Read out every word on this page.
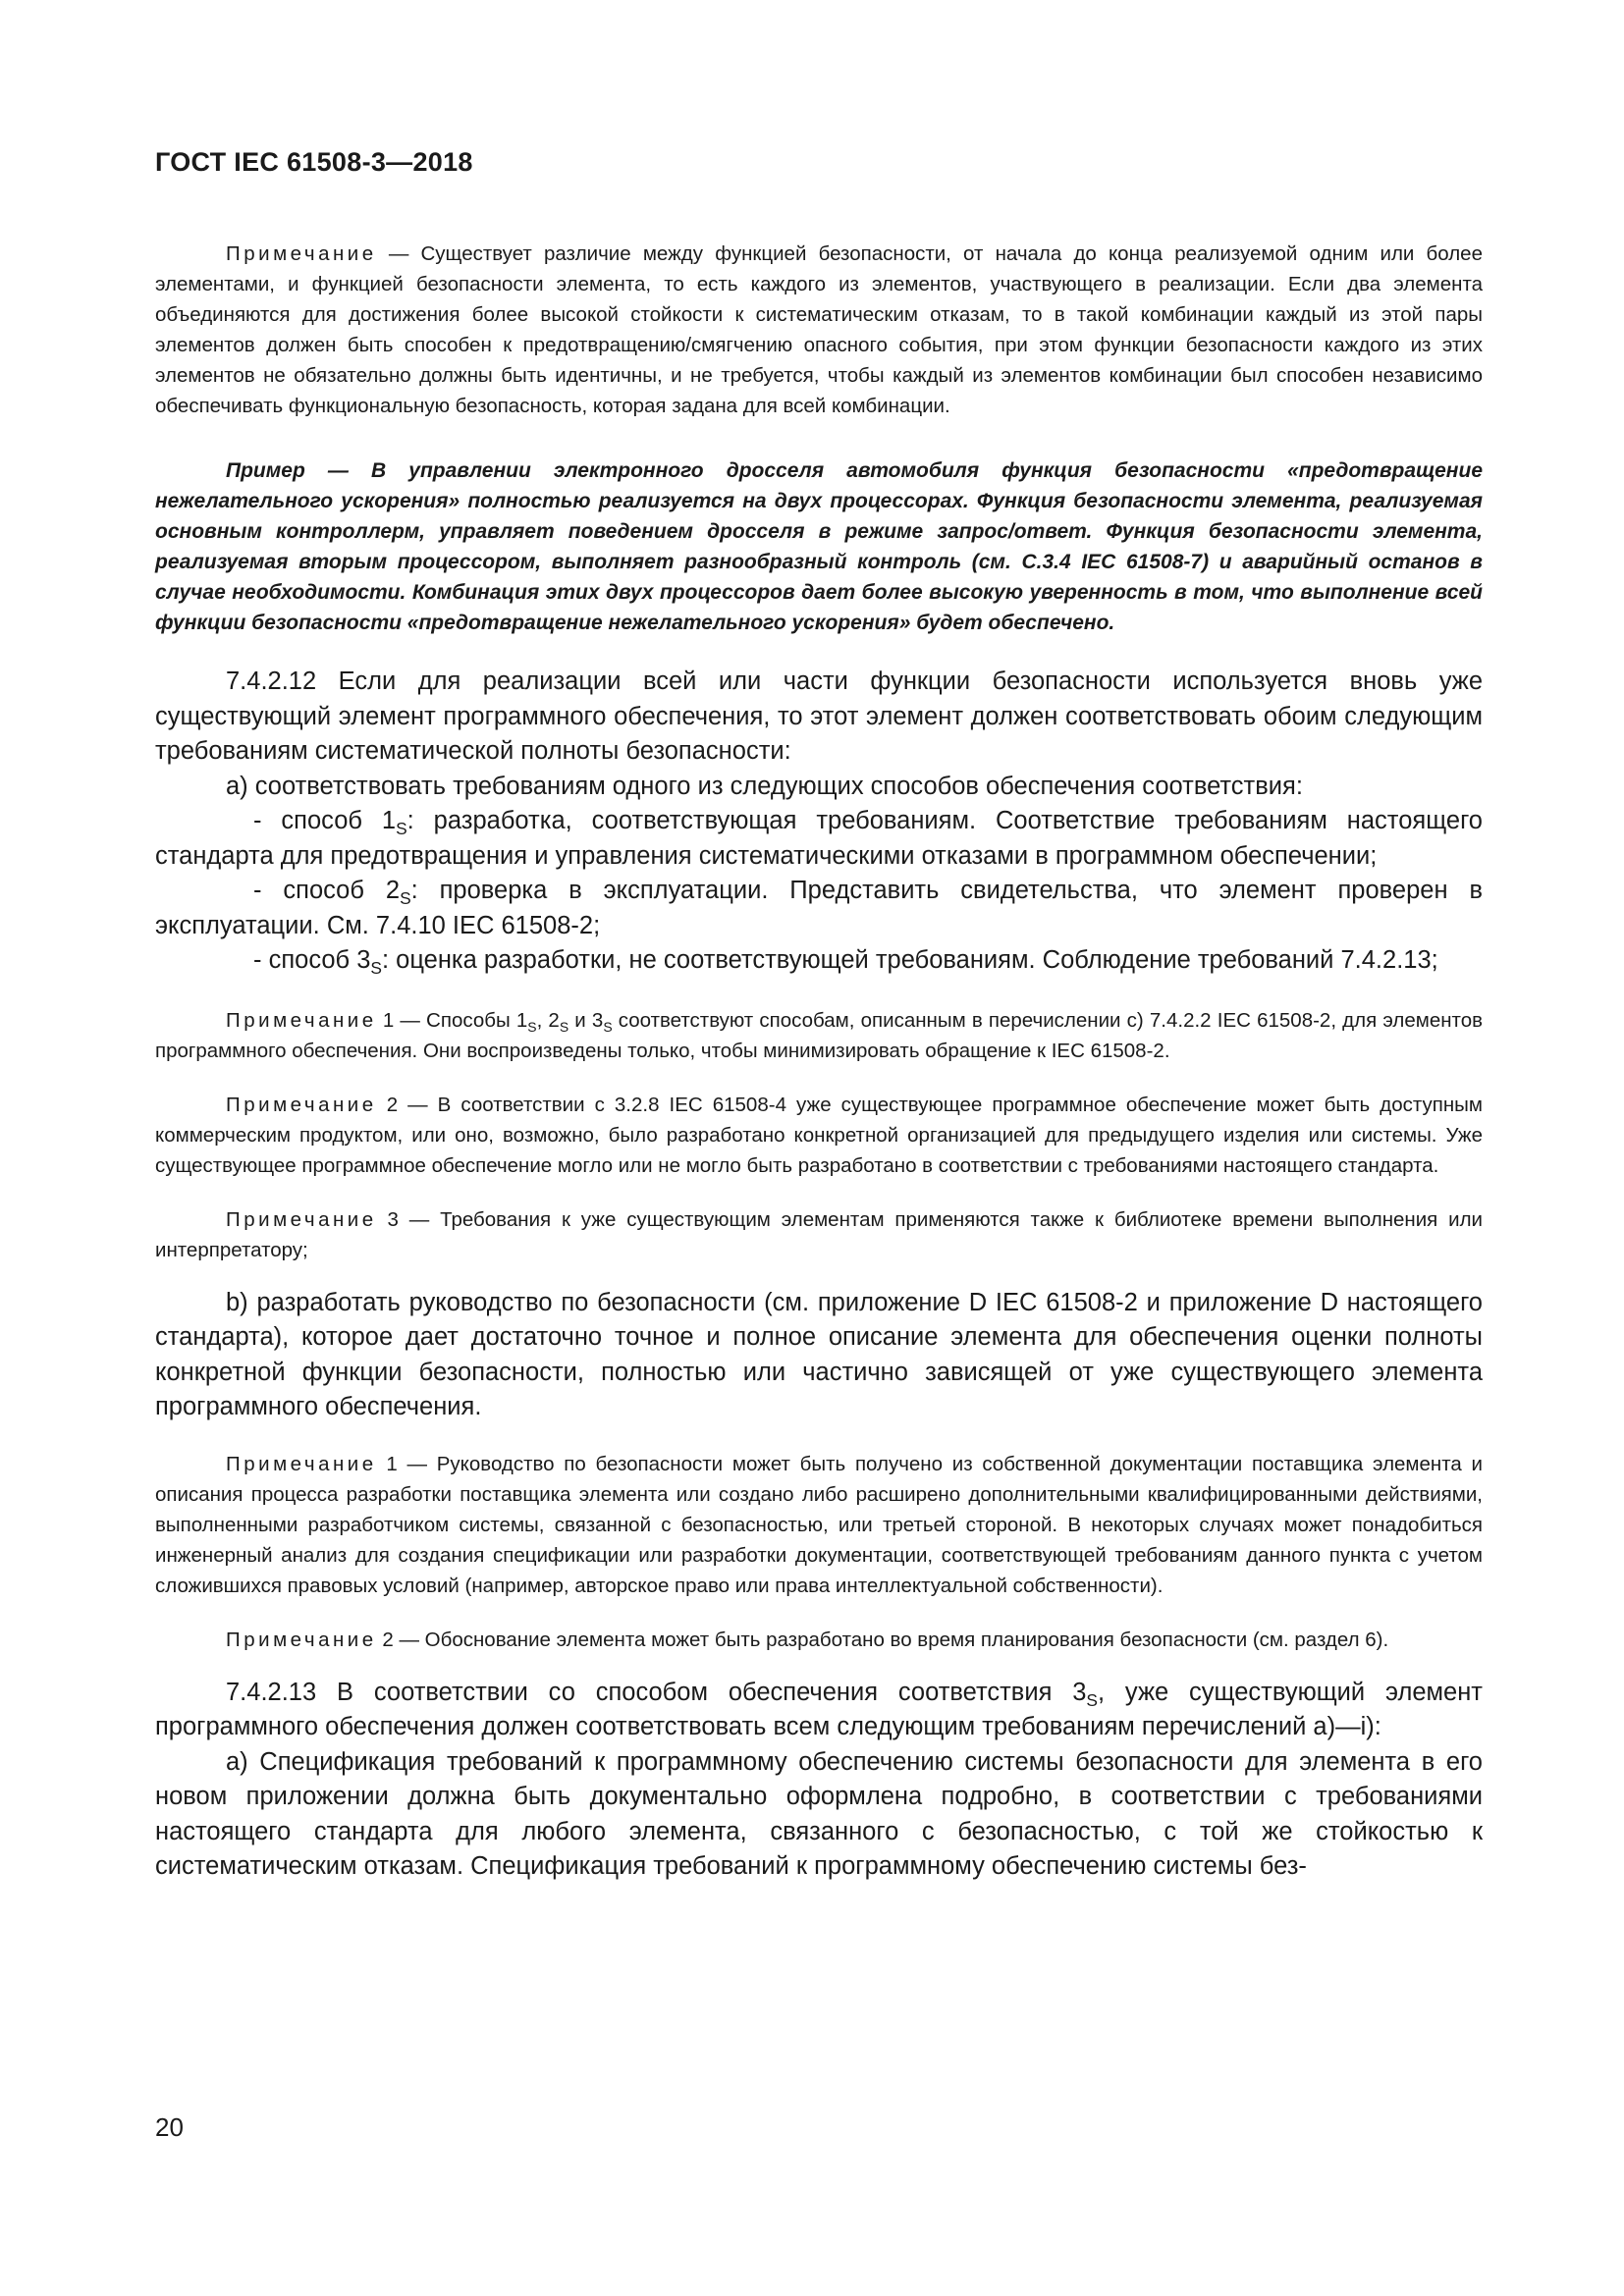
ГОСТ IEC 61508-3—2018

Примечание — Существует различие между функцией безопасности, от начала до конца реализуемой одним или более элементами, и функцией безопасности элемента, то есть каждого из элементов, участвующего в реализации. Если два элемента объединяются для достижения более высокой стойкости к систематическим отказам, то в такой комбинации каждый из этой пары элементов должен быть способен к предотвращению/смягчению опасного события, при этом функции безопасности каждого из этих элементов не обязательно должны быть идентичны, и не требуется, чтобы каждый из элементов комбинации был способен независимо обеспечивать функциональную безопасность, которая задана для всей комбинации.

Пример — В управлении электронного дросселя автомобиля функция безопасности «предотвращение нежелательного ускорения» полностью реализуется на двух процессорах. Функция безопасности элемента, реализуемая основным контроллерм, управляет поведением дросселя в режиме запрос/ответ. Функция безопасности элемента, реализуемая вторым процессором, выполняет разнообразный контроль (см. С.3.4 IEC 61508-7) и аварийный останов в случае необходимости. Комбинация этих двух процессоров дает более высокую уверенность в том, что выполнение всей функции безопасности «предотвращение нежелательного ускорения» будет обеспечено.

7.4.2.12 Если для реализации всей или части функции безопасности используется вновь уже существующий элемент программного обеспечения, то этот элемент должен соответствовать обоим следующим требованиям систематической полноты безопасности:

a) соответствовать требованиям одного из следующих способов обеспечения соответствия:

- способ $1_S$: разработка, соответствующая требованиям. Соответствие требованиям настоящего стандарта для предотвращения и управления систематическими отказами в программном обеспечении;

- способ $2_S$: проверка в эксплуатации. Представить свидетельства, что элемент проверен в эксплуатации. См. 7.4.10 IEC 61508-2;

- способ $3_S$: оценка разработки, не соответствующей требованиям. Соблюдение требований 7.4.2.13;

Примечание 1 — Способы $1_S$, $2_S$ и $3_S$ соответствуют способам, описанным в перечислении с) 7.4.2.2 IEC 61508-2, для элементов программного обеспечения. Они воспроизведены только, чтобы минимизировать обращение к IEC 61508-2.

Примечание 2 — В соответствии с 3.2.8 IEC 61508-4 уже существующее программное обеспечение может быть доступным коммерческим продуктом, или оно, возможно, было разработано конкретной организацией для предыдущего изделия или системы. Уже существующее программное обеспечение могло или не могло быть разработано в соответствии с требованиями настоящего стандарта.

Примечание 3 — Требования к уже существующим элементам применяются также к библиотеке времени выполнения или интерпретатору;

b) разработать руководство по безопасности (см. приложение D IEC 61508-2 и приложение D настоящего стандарта), которое дает достаточно точное и полное описание элемента для обеспечения оценки полноты конкретной функции безопасности, полностью или частично зависящей от уже существующего элемента программного обеспечения.

Примечание 1 — Руководство по безопасности может быть получено из собственной документации поставщика элемента и описания процесса разработки поставщика элемента или создано либо расширено дополнительными квалифицированными действиями, выполненными разработчиком системы, связанной с безопасностью, или третьей стороной. В некоторых случаях может понадобиться инженерный анализ для создания спецификации или разработки документации, соответствующей требованиям данного пункта с учетом сложившихся правовых условий (например, авторское право или права интеллектуальной собственности).

Примечание 2 — Обоснование элемента может быть разработано во время планирования безопасности (см. раздел 6).

7.4.2.13 В соответствии со способом обеспечения соответствия $3_S$, уже существующий элемент программного обеспечения должен соответствовать всем следующим требованиям перечислений а)—i):

а) Спецификация требований к программному обеспечению системы безопасности для элемента в его новом приложении должна быть документально оформлена подробно, в соответствии с требованиями настоящего стандарта для любого элемента, связанного с безопасностью, с той же стойкостью к систематическим отказам. Спецификация требований к программному обеспечению системы без-

20
